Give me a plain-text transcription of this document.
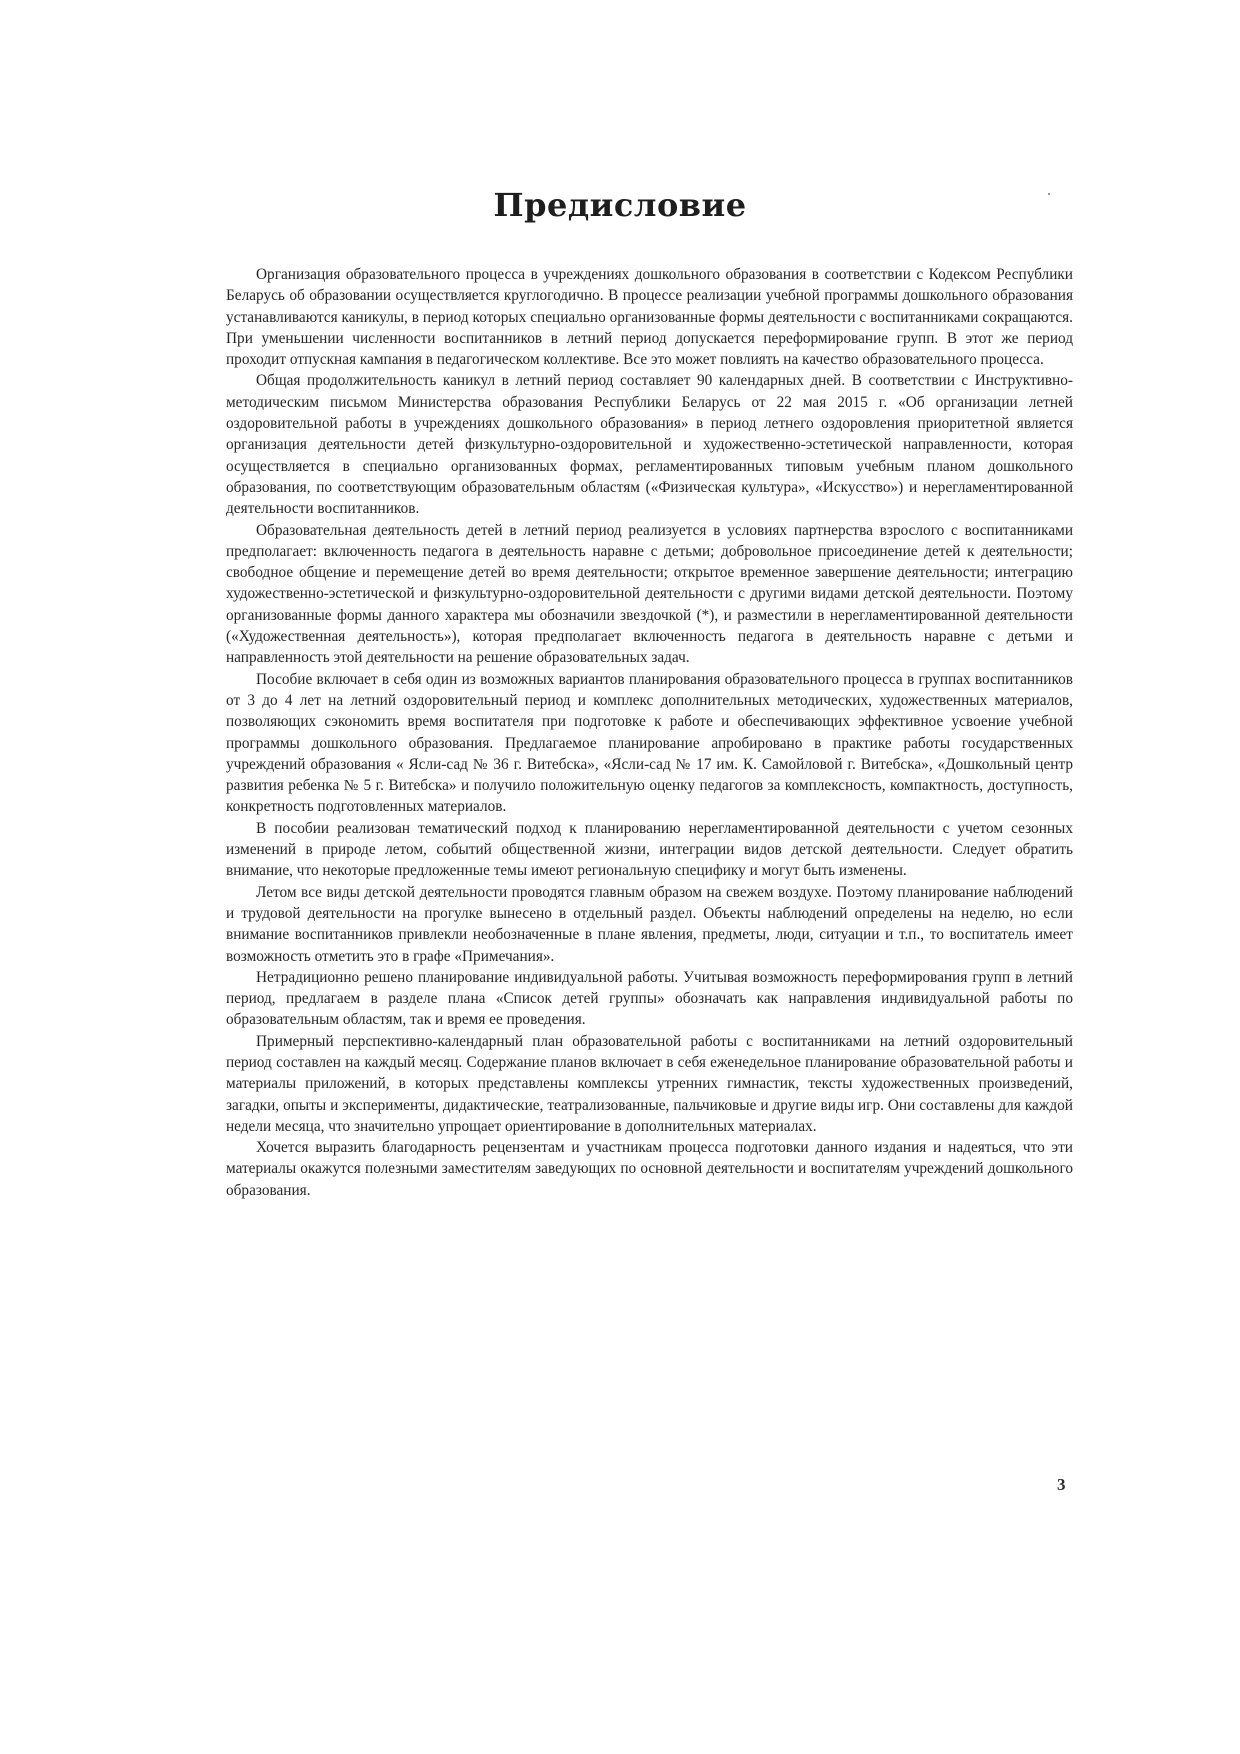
Предисловие

Организация образовательного процесса в учреждениях дошкольного образования в соответствии с Кодексом Республики Беларусь об образовании осуществляется круглогодично. В процессе реализации учебной программы дошкольного образования устанавливаются каникулы, в период которых специально организованные формы деятельности с воспитанниками сокращаются. При уменьшении численности воспитанников в летний период допускается переформирование групп. В этот же период проходит отпускная кампания в педагогическом коллективе. Все это может повлиять на качество образовательного процесса.

Общая продолжительность каникул в летний период составляет 90 календарных дней. В соответствии с Инструктивно-методическим письмом Министерства образования Республики Беларусь от 22 мая 2015 г. «Об организации летней оздоровительной работы в учреждениях дошкольного образования» в период летнего оздоровления приоритетной является организация деятельности детей физкультурно-оздоровительной и художественно-эстетической направленности, которая осуществляется в специально организованных формах, регламентированных типовым учебным планом дошкольного образования, по соответствующим образовательным областям («Физическая культура», «Искусство») и нерегламентированной деятельности воспитанников.

Образовательная деятельность детей в летний период реализуется в условиях партнерства взрослого с воспитанниками предполагает: включенность педагога в деятельность наравне с детьми; добровольное присоединение детей к деятельности; свободное общение и перемещение детей во время деятельности; открытое временное завершение деятельности; интеграцию художественно-эстетической и физкультурно-оздоровительной деятельности с другими видами детской деятельности. Поэтому организованные формы данного характера мы обозначили звездочкой (*), и разместили в нерегламентированной деятельности («Художественная деятельность»), которая предполагает включенность педагога в деятельность наравне с детьми и направленность этой деятельности на решение образовательных задач.

Пособие включает в себя один из возможных вариантов планирования образовательного процесса в группах воспитанников от 3 до 4 лет на летний оздоровительный период и комплекс дополнительных методических, художественных материалов, позволяющих сэкономить время воспитателя при подготовке к работе и обеспечивающих эффективное усвоение учебной программы дошкольного образования. Предлагаемое планирование апробировано в практике работы государственных учреждений образования « Ясли-сад № 36 г. Витебска», «Ясли-сад № 17 им. К. Самойловой г. Витебска», «Дошкольный центр развития ребенка № 5 г. Витебска» и получило положительную оценку педагогов за комплексность, компактность, доступность, конкретность подготовленных материалов.

В пособии реализован тематический подход к планированию нерегламентированной деятельности с учетом сезонных изменений в природе летом, событий общественной жизни, интеграции видов детской деятельности. Следует обратить внимание, что некоторые предложенные темы имеют региональную специфику и могут быть изменены.

Летом все виды детской деятельности проводятся главным образом на свежем воздухе. Поэтому планирование наблюдений и трудовой деятельности на прогулке вынесено в отдельный раздел. Объекты наблюдений определены на неделю, но если внимание воспитанников привлекли необозначенные в плане явления, предметы, люди, ситуации и т.п., то воспитатель имеет возможность отметить это в графе «Примечания».

Нетрадиционно решено планирование индивидуальной работы. Учитывая возможность переформирования групп в летний период, предлагаем в разделе плана «Список детей группы» обозначать как направления индивидуальной работы по образовательным областям, так и время ее проведения.

Примерный перспективно-календарный план образовательной работы с воспитанниками на летний оздоровительный период составлен на каждый месяц. Содержание планов включает в себя еженедельное планирование образовательной работы и материалы приложений, в которых представлены комплексы утренних гимнастик, тексты художественных произведений, загадки, опыты и эксперименты, дидактические, театрализованные, пальчиковые и другие виды игр. Они составлены для каждой недели месяца, что значительно упрощает ориентирование в дополнительных материалах.

Хочется выразить благодарность рецензентам и участникам процесса подготовки данного издания и надеяться, что эти материалы окажутся полезными заместителям заведующих по основной деятельности и воспитателям учреждений дошкольного образования.

3
